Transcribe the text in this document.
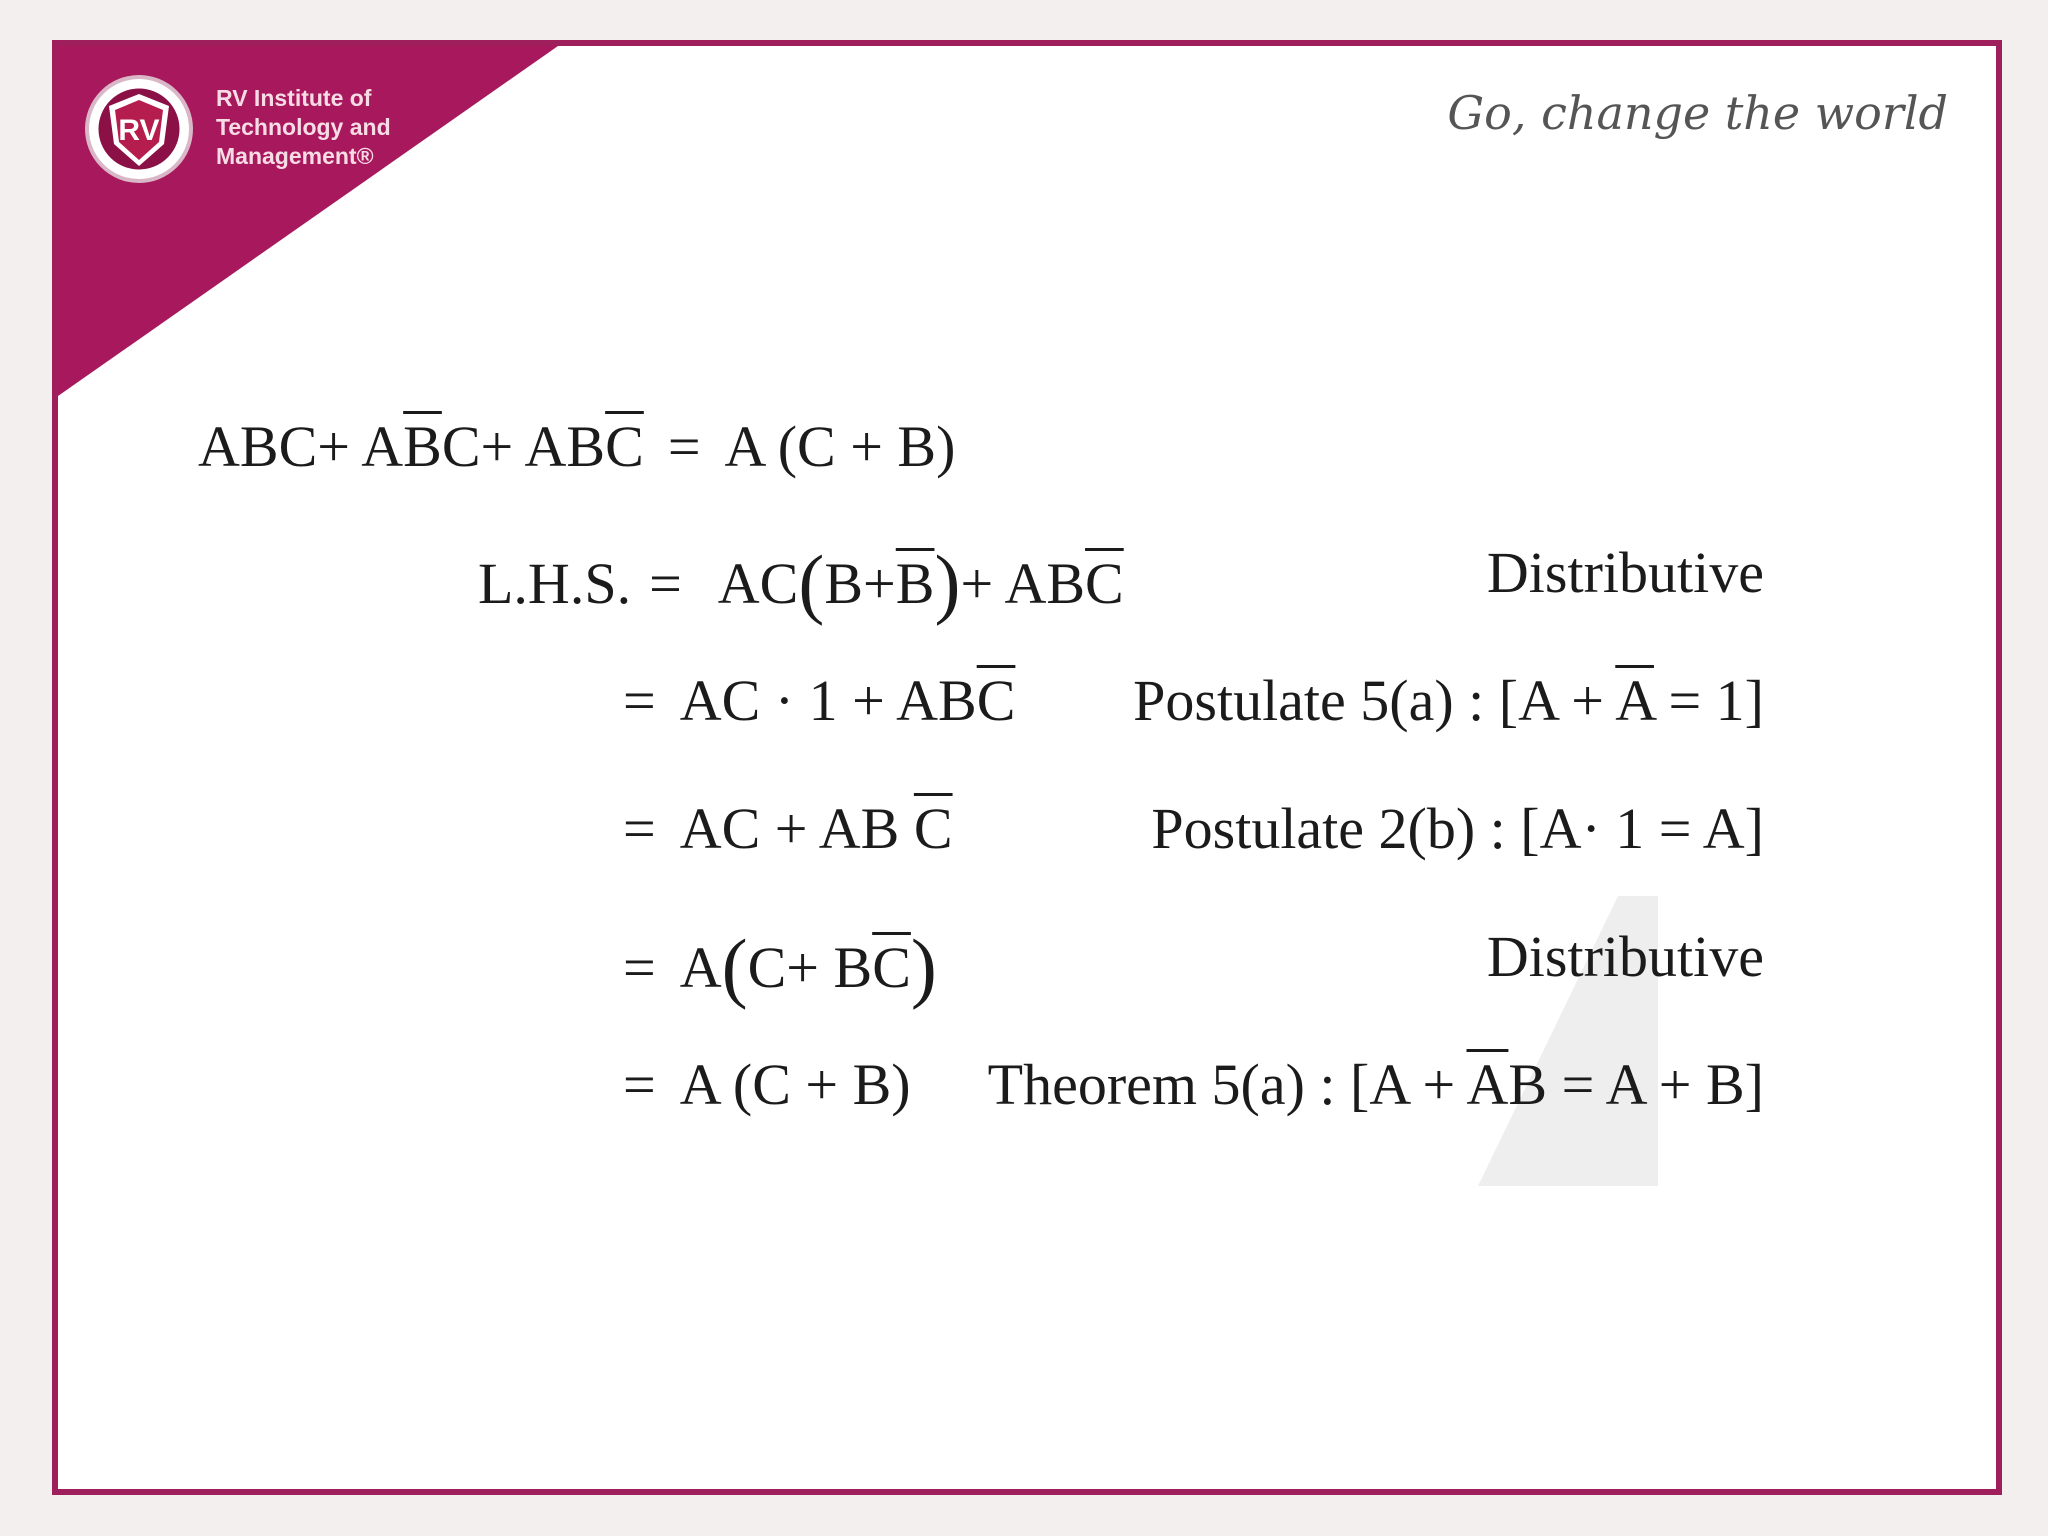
RV
RV Institute of
Technology and
Management®
Go, change the world
$ABC+ A\overline{B}C+ AB\overline{C} = A$ (C + B)
L.H.S. = $AC(B+\overline{B})+ AB\overline{C}$	Distributive
= AC · $1 + AB\overline{C}$ Postulate 5(a) : $[A + \overline{A} = 1]$
= AC + AB $\overline{C}$	Postulate 2(b) : [A· 1 = A]
= $A(C+ B\overline{C})$	Distributive
= A (C + B) Theorem 5(a) : $[A + \overline{A}B = A + B]$
